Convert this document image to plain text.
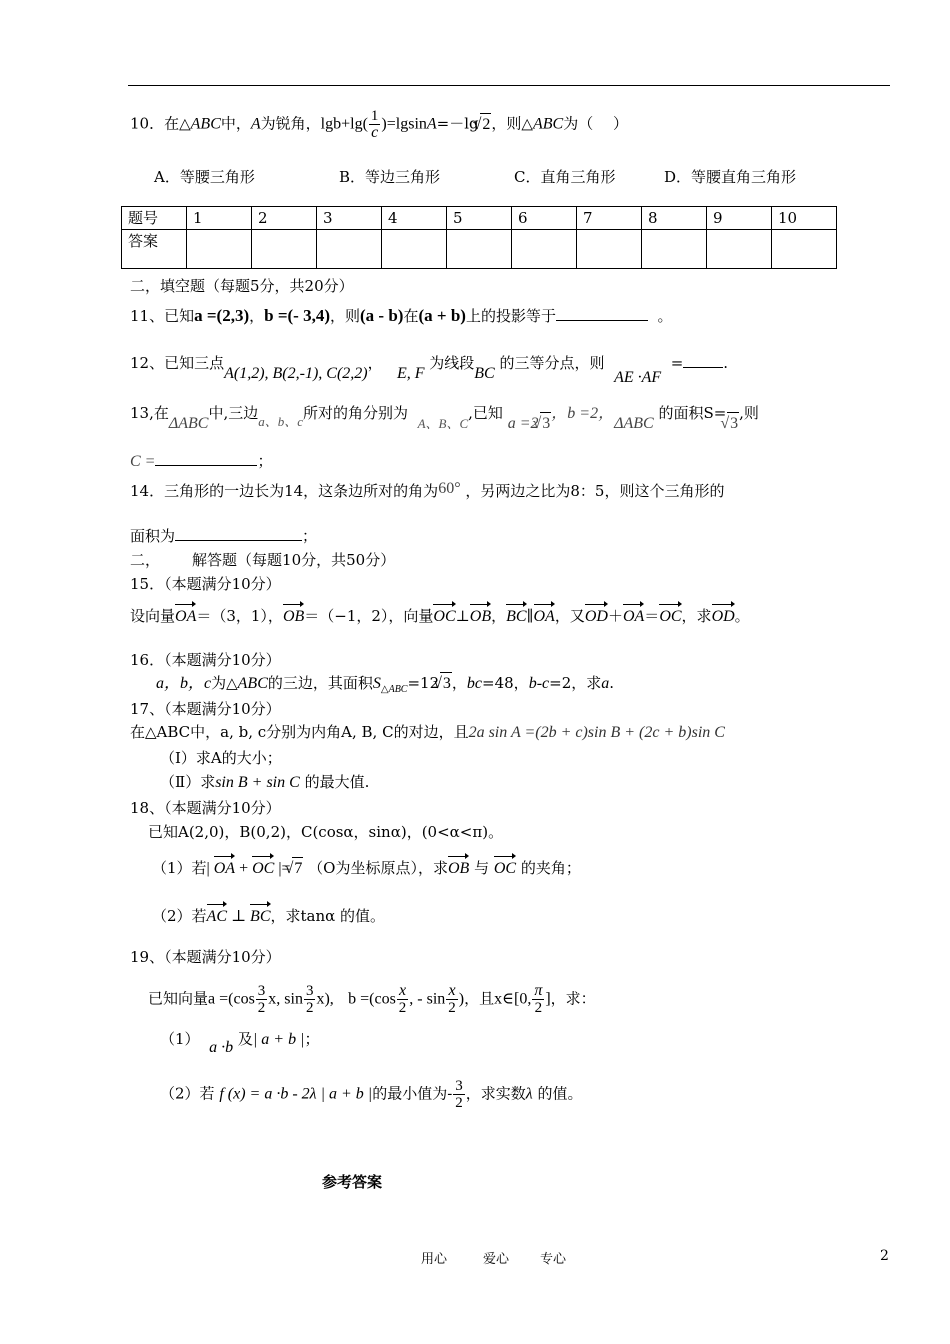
10．在△ABC中，A为锐角，$\lg b+\lg( \frac{1}{c} )=lgsinA=-\lg$ √ 2，则△ABC为（　 ）
A．等腰三角形	B．等边三角形	C．直角三角形	D．等腰直角三角形
题号	1	2	3	4	5	6	7	8	9	10
答案										
二，填空题（每题5分，共20分）
11、已知a =(2,3)，b =(- 3,4)，则(a - b)在(a + b)上的投影等于	。
12、已知三点A(1,2), B(2,-1), C(2,2)，   E, F 为线段BC 的三等分点，则  AE ·AF  =	.
13,在ΔABC中,三边a、b、c所对的角分别为  A、B、C,已知 a =2 √ 3，b =2，ΔABC 的面积S=√ 3,则
C =	；
14．三角形的一边长为14，这条边所对的角为60° ，另两边之比为8：5，则这个三角形的
面积为	；
二，　 　 解答题（每题10分，共50分）
15．（本题满分10分）
设向量OA＝（3，1），OB＝（−1，2），向量OC⊥OB，BC∥OA，又OD＋OA＝OC，求OD。
16．（本题满分10分）
a，b，c为△ABC的三边，其面积$S_{\triangle ABC}=12$ √ 3，bc=48，b-c=2，求a.
17、（本题满分10分）
在△ABC中，a, b, c分别为内角A, B, C的对边，且2a sin A =(2b + c)sin B + (2c + b)sin C
（Ⅰ）求A的大小；
（Ⅱ）求sin B + sin C 的最大值.
18、（本题满分10分）
已知A(2,0)，B(0,2)，C(cosα，sinα)，(0<α<π)。
（1）若| OA + OC |= √ 7 （O为坐标原点），求OB 与 OC 的夹角；
（2）若AC ⊥ BC，求tanα 的值。
19、（本题满分10分）
已知向量$a =(\cos \frac{3}{2} x$, $\sin \frac{3}{2} x$), $b =(\cos \frac{x}{2}$ , - $\sin \frac{x}{2}$ )，且x∈[0, $\frac{\pi}{2}$ ]，求：
（1） a ·b 及| a + b |；
（2）若 f (x) = a ·b - 2λ | a + b |的最小值为- $\frac{3}{2}$ ，求实数λ 的值。
参考答案
用心	爱心 专心	2
